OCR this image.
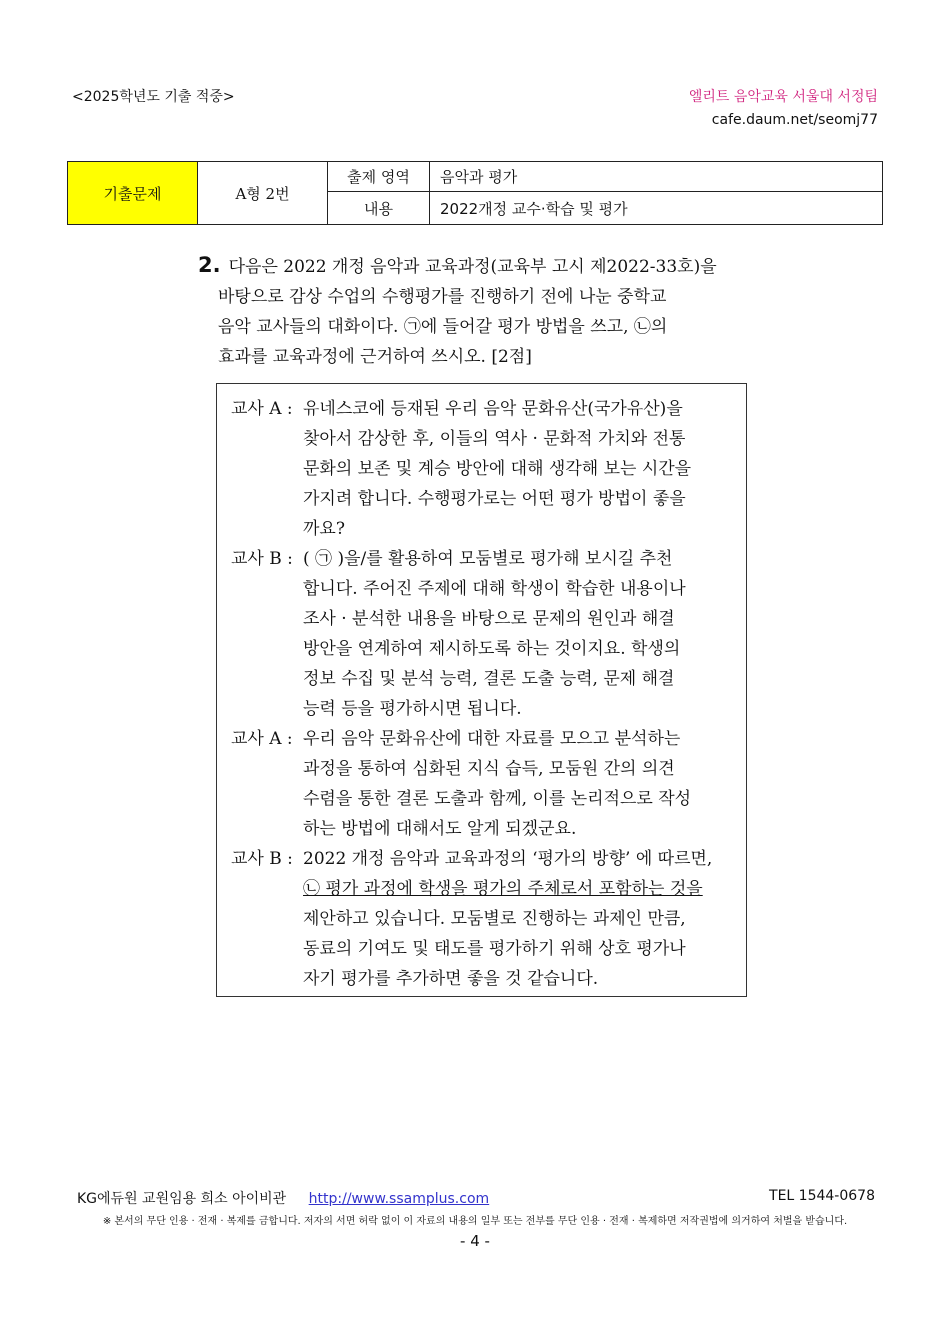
<2025학년도 기출 적중>	엘리트 음악교육 서울대 서정팀
cafe.daum.net/seomj77
기출문제	A형 2번	출제 영역	음악과 평가
		내용	2022개정 교수·학습 및 평가
2. 다음은 2022 개정 음악과 교육과정(교육부 고시 제2022-33호)을
바탕으로 감상 수업의 수행평가를 진행하기 전에 나눈 중학교
음악 교사들의 대화이다. ㉠에 들어갈 평가 방법을 쓰고, ㉡의
효과를 교육과정에 근거하여 쓰시오. [2점]
교사 A : 유네스코에 등재된 우리 음악 문화유산(국가유산)을
찾아서 감상한 후, 이들의 역사 · 문화적 가치와 전통
문화의 보존 및 계승 방안에 대해 생각해 보는 시간을
가지려 합니다. 수행평가로는 어떤 평가 방법이 좋을
까요?
교사 B : ( ㉠ )을/를 활용하여 모둠별로 평가해 보시길 추천
합니다. 주어진 주제에 대해 학생이 학습한 내용이나
조사 · 분석한 내용을 바탕으로 문제의 원인과 해결
방안을 연계하여 제시하도록 하는 것이지요. 학생의
정보 수집 및 분석 능력, 결론 도출 능력, 문제 해결
능력 등을 평가하시면 됩니다.
교사 A : 우리 음악 문화유산에 대한 자료를 모으고 분석하는
과정을 통하여 심화된 지식 습득, 모둠원 간의 의견
수렴을 통한 결론 도출과 함께, 이를 논리적으로 작성
하는 방법에 대해서도 알게 되겠군요.
교사 B : 2022 개정 음악과 교육과정의 ‘평가의 방향’ 에 따르면,
㉡ 평가 과정에 학생을 평가의 주체로서 포함하는 것을
제안하고 있습니다. 모둠별로 진행하는 과제인 만큼,
동료의 기여도 및 태도를 평가하기 위해 상호 평가나
자기 평가를 추가하면 좋을 것 같습니다.
KG에듀원 교원임용 희소 아이비관 http://www.ssamplus.com	TEL 1544-0678
※ 본서의 무단 인용 · 전재 · 복제를 금합니다. 저자의 서면 허락 없이 이 자료의 내용의 일부 또는 전부를 무단 인용 · 전재 · 복제하면 저작권법에 의거하여 처벌을 받습니다.
- 4 -
